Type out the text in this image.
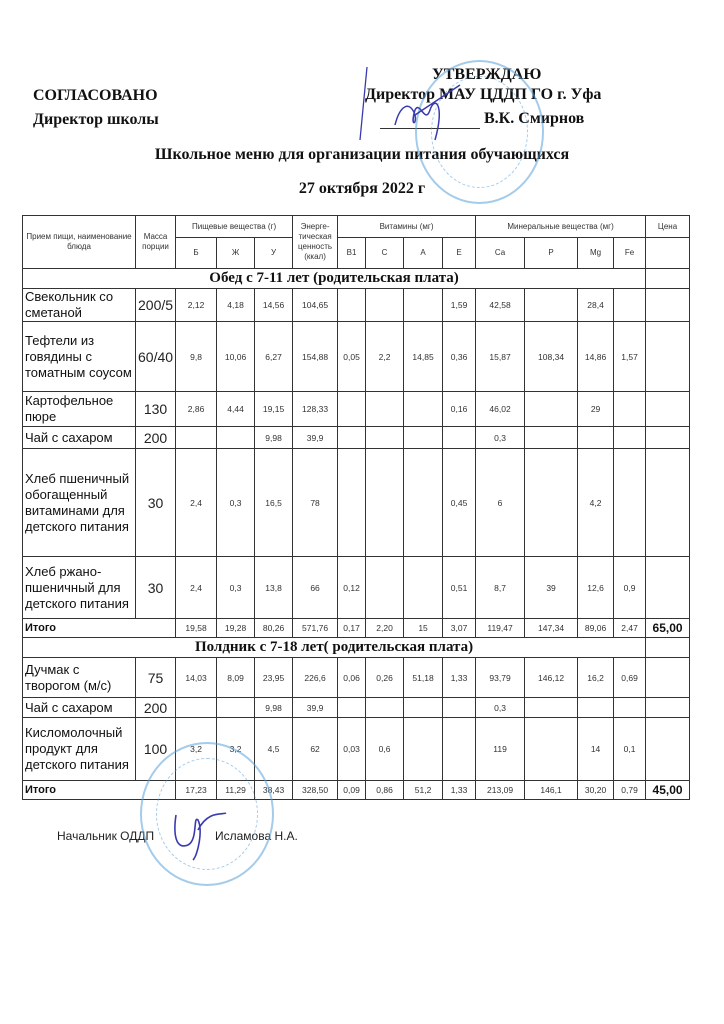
СОГЛАСОВАНО
Директор школы
УТВЕРЖДАЮ
Директор МАУ ЦДДП ГО г. Уфа
В.К. Смирнов
Школьное меню для организации питания обучающихся
27 октября 2022 г
Прием пищи, наименование блюда	Масса порции	Пищевые вещества (г)			Энерге-тическая ценность (ккал)	Витамины (мг)				Минеральные вещества (мг)				Цена
		Б	Ж	У		B1	C	A	E	Ca	P	Mg	Fe	
Обед с 7-11 лет (родительская плата)														
Свекольник со сметаной	200/5	2,12	4,18	14,56	104,65				1,59	42,58		28,4		
Тефтели из говядины с томатным соусом	60/40	9,8	10,06	6,27	154,88	0,05	2,2	14,85	0,36	15,87	108,34	14,86	1,57	
Картофельное пюре	130	2,86	4,44	19,15	128,33				0,16	46,02		29		
Чай с сахаром	200			9,98	39,9					0,3				
Хлеб пшеничный обогащенный витаминами для детского питания	30	2,4	0,3	16,5	78				0,45	6		4,2		
Хлеб ржано-пшеничный для детского питания	30	2,4	0,3	13,8	66	0,12			0,51	8,7	39	12,6	0,9	
Итого		19,58	19,28	80,26	571,76	0,17	2,20	15	3,07	119,47	147,34	89,06	2,47	65,00
Полдник с 7-18 лет( родительская плата)														
Дучмак с творогом (м/с)	75	14,03	8,09	23,95	226,6	0,06	0,26	51,18	1,33	93,79	146,12	16,2	0,69	
Чай с сахаром	200			9,98	39,9					0,3				
Кисломолочный продукт для детского питания	100	3,2	3,2	4,5	62	0,03	0,6			119		14	0,1	
Итого		17,23	11,29	38,43	328,50	0,09	0,86	51,2	1,33	213,09	146,1	30,20	0,79	45,00
Начальник ОДДП	Исламова Н.А.
